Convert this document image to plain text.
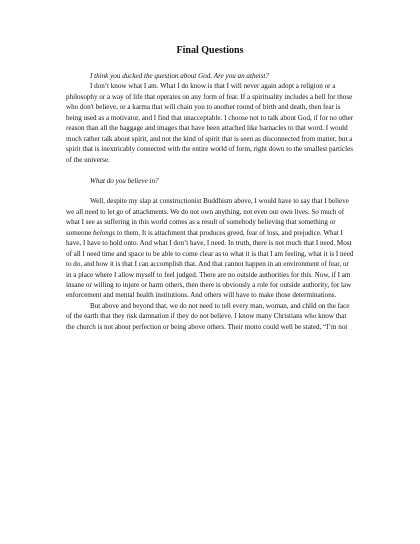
Final Questions

I think you ducked the question about God. Are you an atheist?

I don’t know what I am. What I do know is that I will never again adopt a religion or a philosophy or a way of life that operates on any form of fear. If a spirituality includes a hell for those who don't believe, or a karma that will chain you to another round of birth and death, then fear is being used as a motivator, and I find that unacceptable. I choose not to talk about God, if for no other reason than all the baggage and images that have been attached like barnacles to that word. I would much rather talk about spirit, and not the kind of spirit that is seen as disconnected from matter, but a spirit that is inextricably connected with the entire world of form, right down to the smallest particles of the universe.

What do you believe in?

Well, despite my slap at constructionist Buddhism above, I would have to say that I believe we all need to let go of attachments. We do not own anything, not even our own lives. So much of what I see as suffering in this world comes as a result of somebody believing that something or someone belongs to them. It is attachment that produces greed, fear of loss, and prejudice. What I have, I have to hold onto. And what I don’t have, I need. In truth, there is not much that I need. Most of all I need time and space to be able to come clear as to what it is that I am feeling, what it is I need to do, and how it is that I can accomplish that. And that cannot happen in an environment of fear, or in a place where I allow myself to feel judged. There are no outside authorities for this. Now, if I am insane or willing to injure or harm others, then there is obviously a role for outside authority, for law enforcement and mental health institutions. And others will have to make those determinations.

But above and beyond that, we do not need to tell every man, woman, and child on the face of the earth that they risk damnation if they do not believe. I know many Christians who know that the church is not about perfection or being above others. Their motto could well be stated, “I’m not
